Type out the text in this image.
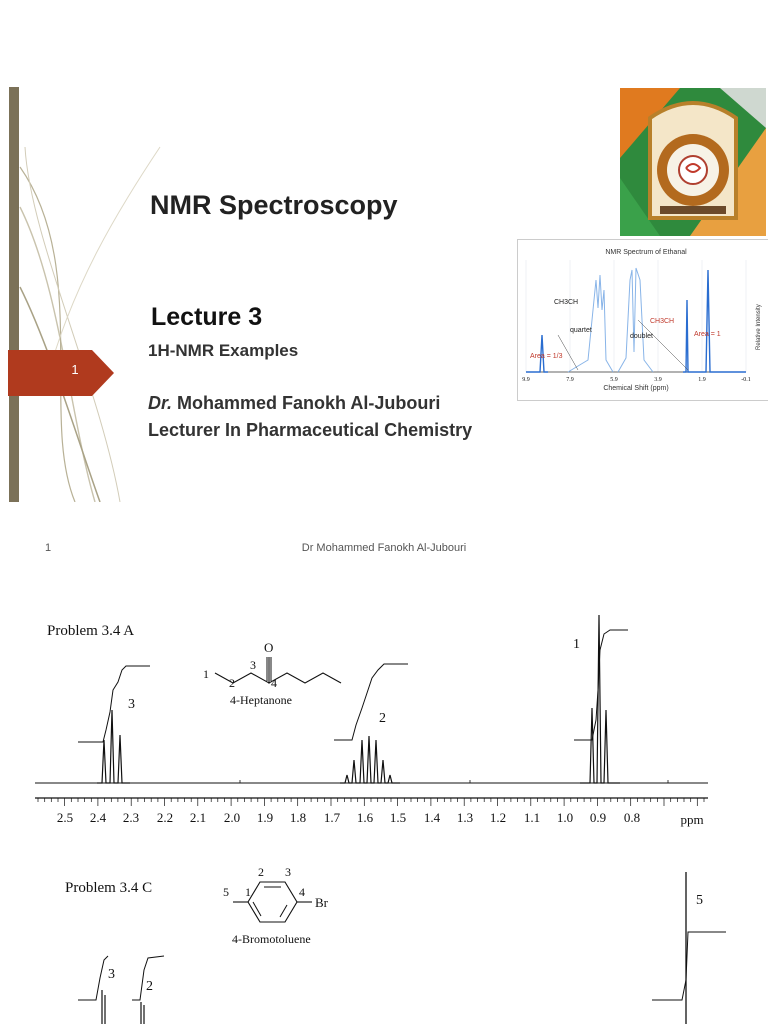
1
NMR Spectroscopy
Lecture 3
1H-NMR Examples
Dr. Mohammed Fanokh Al-Jubouri
Lecturer In Pharmaceutical Chemistry
NMR Spectrum of Ethanal
CH3CH
CH3CH
quartet
doublet
Area = 1/3
Area = 1
9.9	7.9	5.9	3.9	1.9	-0.1
Chemical Shift (ppm)
Relative Intensity
1	Dr Mohammed Fanokh Al-Jubouri
Problem 3.4 A
O
1
2
3
4
4-Heptanone
3
2
1
2.5 2.4 2.3 2.2 2.1 2.0 1.9 1.8 1.7 1.6 1.5 1.4 1.3 1.2 1.1 1.0 0.9 0.8	ppm
Problem 3.4 C	5 1
2 3
4
Br
4-Bromotoluene
5
3
2
